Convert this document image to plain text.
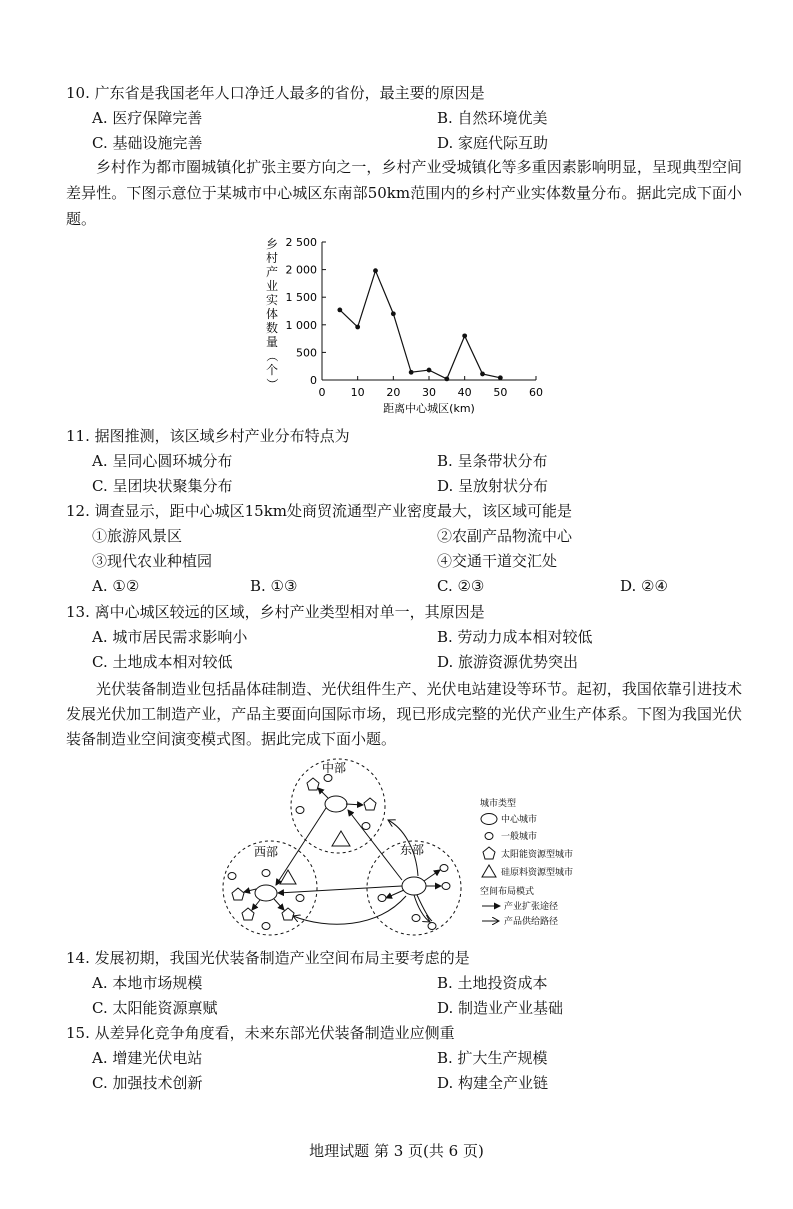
10. 广东省是我国老年人口净迁人最多的省份，最主要的原因是
A. 医疗保障完善	B. 自然环境优美
C. 基础设施完善	D. 家庭代际互助
乡村作为都市圈城镇化扩张主要方向之一，乡村产业受城镇化等多重因素影响明显，呈现典型空间差异性。下图示意位于某城市中心城区东南部50km范围内的乡村产业实体数量分布。据此完成下面小题。
0
500
1 000
1 500
2 000
2 500
0 10 20 30 40 50 60
距离中心城区(km)
乡
村
产
业
实
体
数
量
（
个
）
11. 据图推测，该区域乡村产业分布特点为
A. 呈同心圆环城分布	B. 呈条带状分布
C. 呈团块状聚集分布	D. 呈放射状分布
12. 调查显示，距中心城区15km处商贸流通型产业密度最大，该区域可能是
①旅游风景区	②农副产品物流中心
③现代农业种植园	④交通干道交汇处
A. ①②	B. ①③	C. ②③	D. ②④
13. 离中心城区较远的区域，乡村产业类型相对单一，其原因是
A. 城市居民需求影响小	B. 劳动力成本相对较低
C. 土地成本相对较低	D. 旅游资源优势突出
光伏装备制造业包括晶体硅制造、光伏组件生产、光伏电站建设等环节。起初，我国依靠引进技术发展光伏加工制造产业，产品主要面向国际市场，现已形成完整的光伏产业生产体系。下图为我国光伏装备制造业空间演变模式图。据此完成下面小题。
中部
西部	东部
城市类型
中心城市
一般城市
太阳能资源型城市
硅原料资源型城市
空间布局模式
产业扩张途径
产品供给路径
14. 发展初期，我国光伏装备制造产业空间布局主要考虑的是
A. 本地市场规模	B. 土地投资成本
C. 太阳能资源禀赋	D. 制造业产业基础
15. 从差异化竞争角度看，未来东部光伏装备制造业应侧重
A. 增建光伏电站	B. 扩大生产规模
C. 加强技术创新	D. 构建全产业链
地理试题 第 3 页(共 6 页)
